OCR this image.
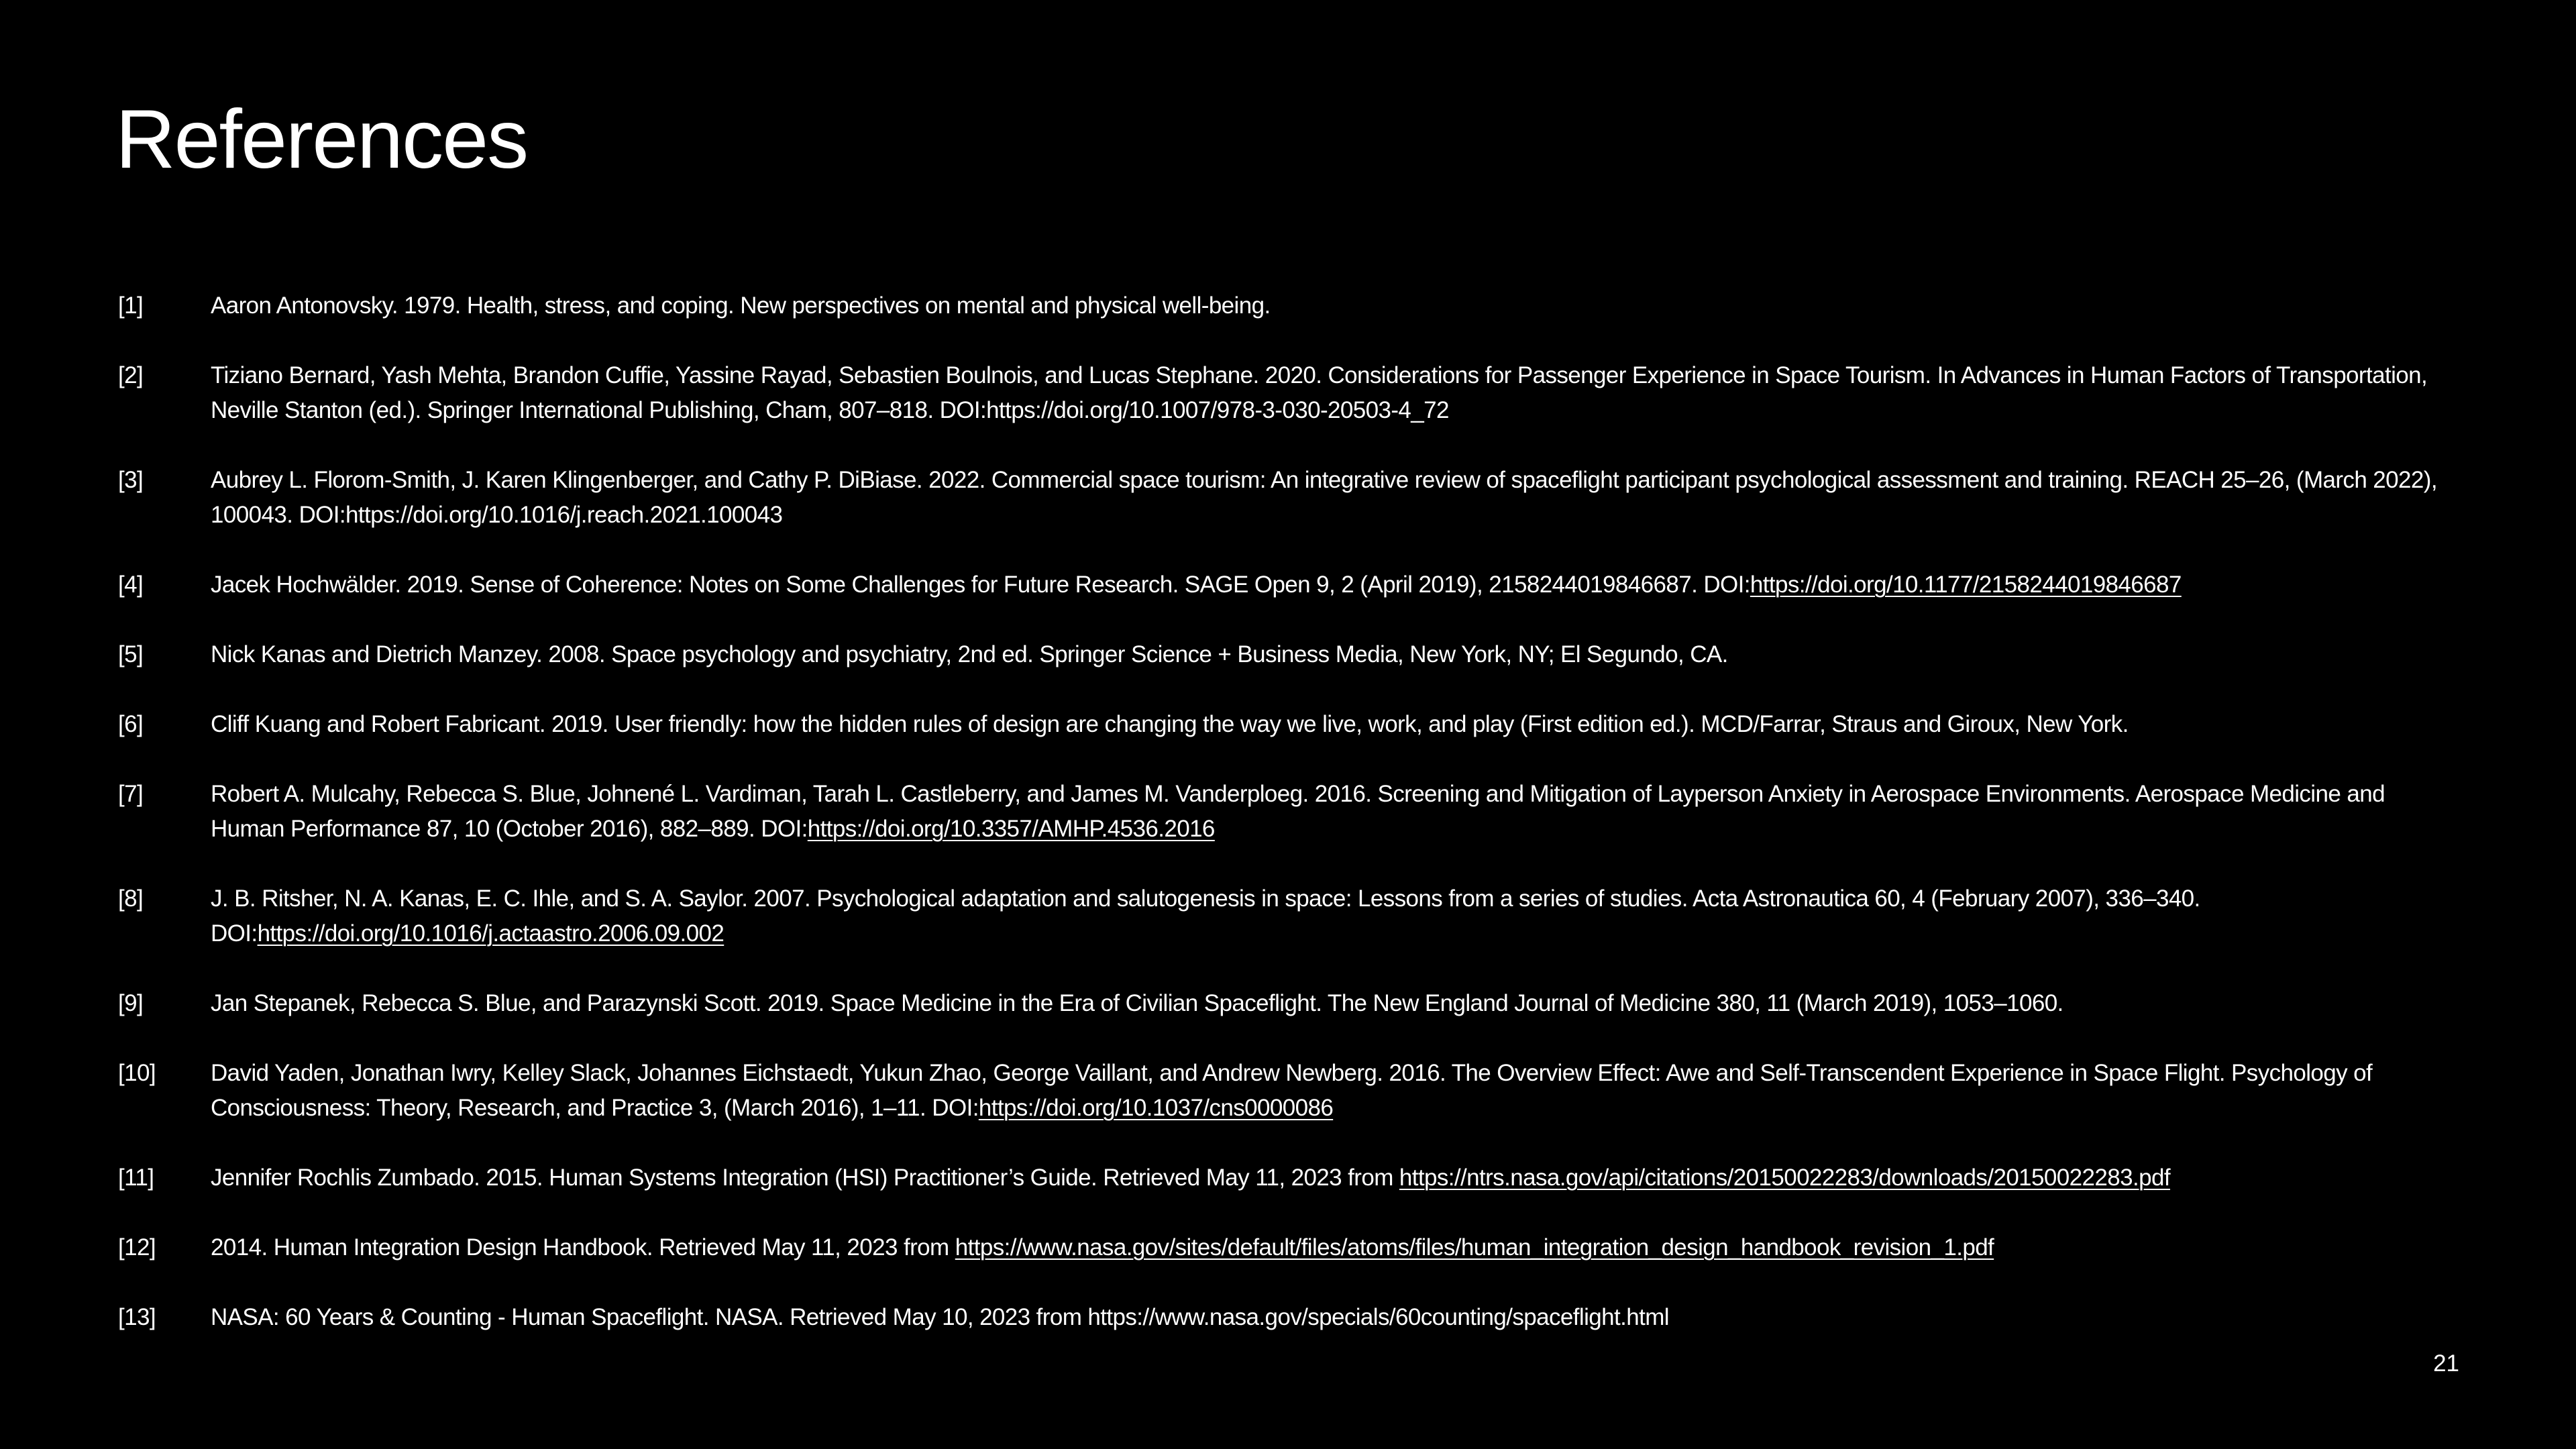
References
[1]	Aaron Antonovsky. 1979. Health, stress, and coping. New perspectives on mental and physical well-being.
[2]	Tiziano Bernard, Yash Mehta, Brandon Cuffie, Yassine Rayad, Sebastien Boulnois, and Lucas Stephane. 2020. Considerations for Passenger Experience in Space Tourism. In Advances in Human Factors of Transportation, Neville Stanton (ed.). Springer International Publishing, Cham, 807–818. DOI:https://doi.org/10.1007/978-3-030-20503-4_72
[3]	Aubrey L. Florom-Smith, J. Karen Klingenberger, and Cathy P. DiBiase. 2022. Commercial space tourism: An integrative review of spaceflight participant psychological assessment and training. REACH 25–26, (March 2022), 100043. DOI:https://doi.org/10.1016/j.reach.2021.100043
[4]	Jacek Hochwälder. 2019. Sense of Coherence: Notes on Some Challenges for Future Research. SAGE Open 9, 2 (April 2019), 2158244019846687. DOI:https://doi.org/10.1177/2158244019846687
[5]	Nick Kanas and Dietrich Manzey. 2008. Space psychology and psychiatry, 2nd ed. Springer Science + Business Media, New York, NY; El Segundo, CA.
[6]	Cliff Kuang and Robert Fabricant. 2019. User friendly: how the hidden rules of design are changing the way we live, work, and play (First edition ed.). MCD/Farrar, Straus and Giroux, New York.
[7]	Robert A. Mulcahy, Rebecca S. Blue, Johnené L. Vardiman, Tarah L. Castleberry, and James M. Vanderploeg. 2016. Screening and Mitigation of Layperson Anxiety in Aerospace Environments. Aerospace Medicine and Human Performance 87, 10 (October 2016), 882–889. DOI:https://doi.org/10.3357/AMHP.4536.2016
[8]	J. B. Ritsher, N. A. Kanas, E. C. Ihle, and S. A. Saylor. 2007. Psychological adaptation and salutogenesis in space: Lessons from a series of studies. Acta Astronautica 60, 4 (February 2007), 336–340. DOI:https://doi.org/10.1016/j.actaastro.2006.09.002
[9]	Jan Stepanek, Rebecca S. Blue, and Parazynski Scott. 2019. Space Medicine in the Era of Civilian Spaceflight. The New England Journal of Medicine 380, 11 (March 2019), 1053–1060.
[10]	David Yaden, Jonathan Iwry, Kelley Slack, Johannes Eichstaedt, Yukun Zhao, George Vaillant, and Andrew Newberg. 2016. The Overview Effect: Awe and Self-Transcendent Experience in Space Flight. Psychology of Consciousness: Theory, Research, and Practice 3, (March 2016), 1–11. DOI:https://doi.org/10.1037/cns0000086
[11]	Jennifer Rochlis Zumbado. 2015. Human Systems Integration (HSI) Practitioner’s Guide. Retrieved May 11, 2023 from https://ntrs.nasa.gov/api/citations/20150022283/downloads/20150022283.pdf
[12]	2014. Human Integration Design Handbook. Retrieved May 11, 2023 from https://www.nasa.gov/sites/default/files/atoms/files/human_integration_design_handbook_revision_1.pdf
[13]	NASA: 60 Years & Counting - Human Spaceflight. NASA. Retrieved May 10, 2023 from https://www.nasa.gov/specials/60counting/spaceflight.html
21
